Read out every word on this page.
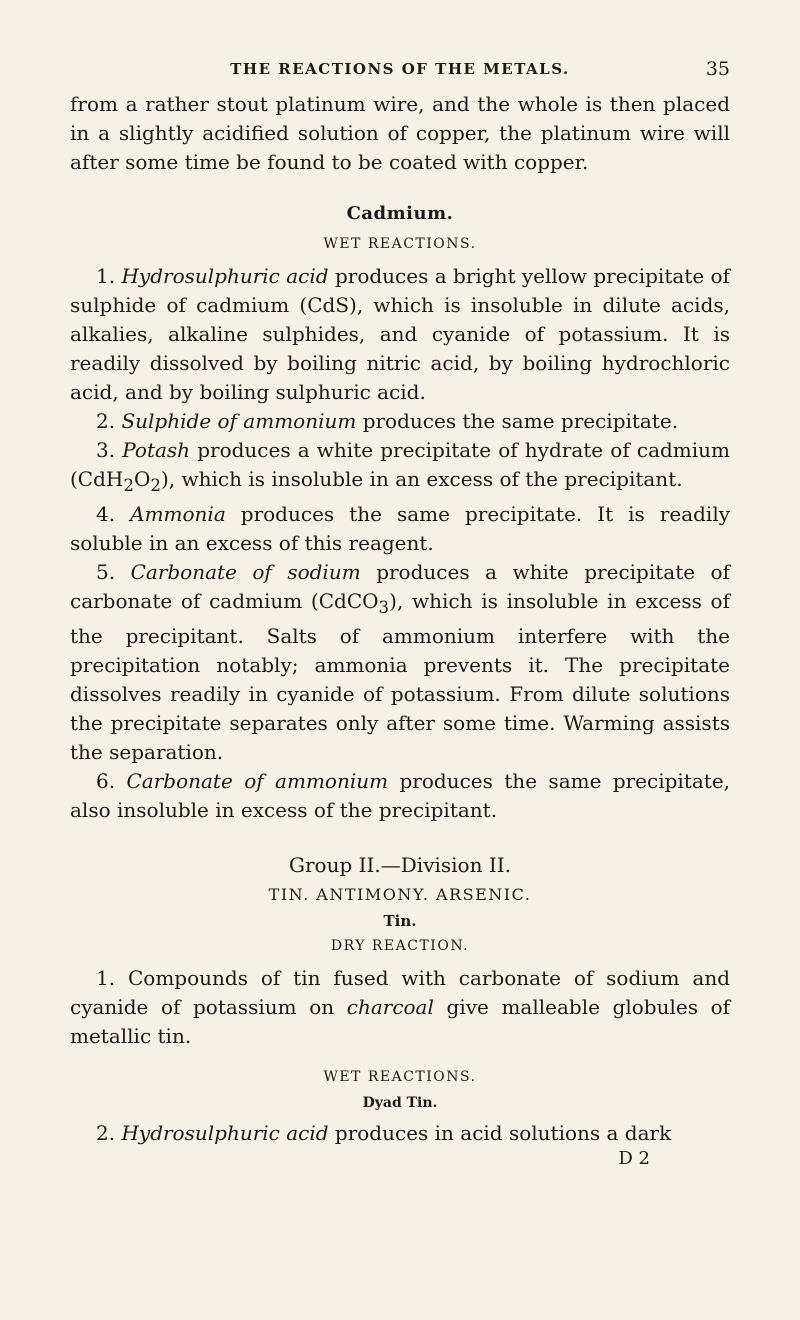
THE REACTIONS OF THE METALS.	35

from a rather stout platinum wire, and the whole is then placed in a slightly acidified solution of copper, the platinum wire will after some time be found to be coated with copper.

Cadmium.
WET REACTIONS.

1. Hydrosulphuric acid produces a bright yellow precipitate of sulphide of cadmium (CdS), which is insoluble in dilute acids, alkalies, alkaline sulphides, and cyanide of potassium. It is readily dissolved by boiling nitric acid, by boiling hydrochloric acid, and by boiling sulphuric acid.

2. Sulphide of ammonium produces the same precipitate.

3. Potash produces a white precipitate of hydrate of cadmium $(CdH_2O_2)$, which is insoluble in an excess of the precipitant.

4. Ammonia produces the same precipitate. It is readily soluble in an excess of this reagent.

5. Carbonate of sodium produces a white precipitate of carbonate of cadmium (CdCO$_3$), which is insoluble in excess of the precipitant. Salts of ammonium interfere with the precipitation notably; ammonia prevents it. The precipitate dissolves readily in cyanide of potassium. From dilute solutions the precipitate separates only after some time. Warming assists the separation.

6. Carbonate of ammonium produces the same precipitate, also insoluble in excess of the precipitant.

Group II.—Division II.
TIN. ANTIMONY. ARSENIC.
Tin.
DRY REACTION.

1. Compounds of tin fused with carbonate of sodium and cyanide of potassium on charcoal give malleable globules of metallic tin.

WET REACTIONS.
Dyad Tin.

2. Hydrosulphuric acid produces in acid solutions a dark

D 2
